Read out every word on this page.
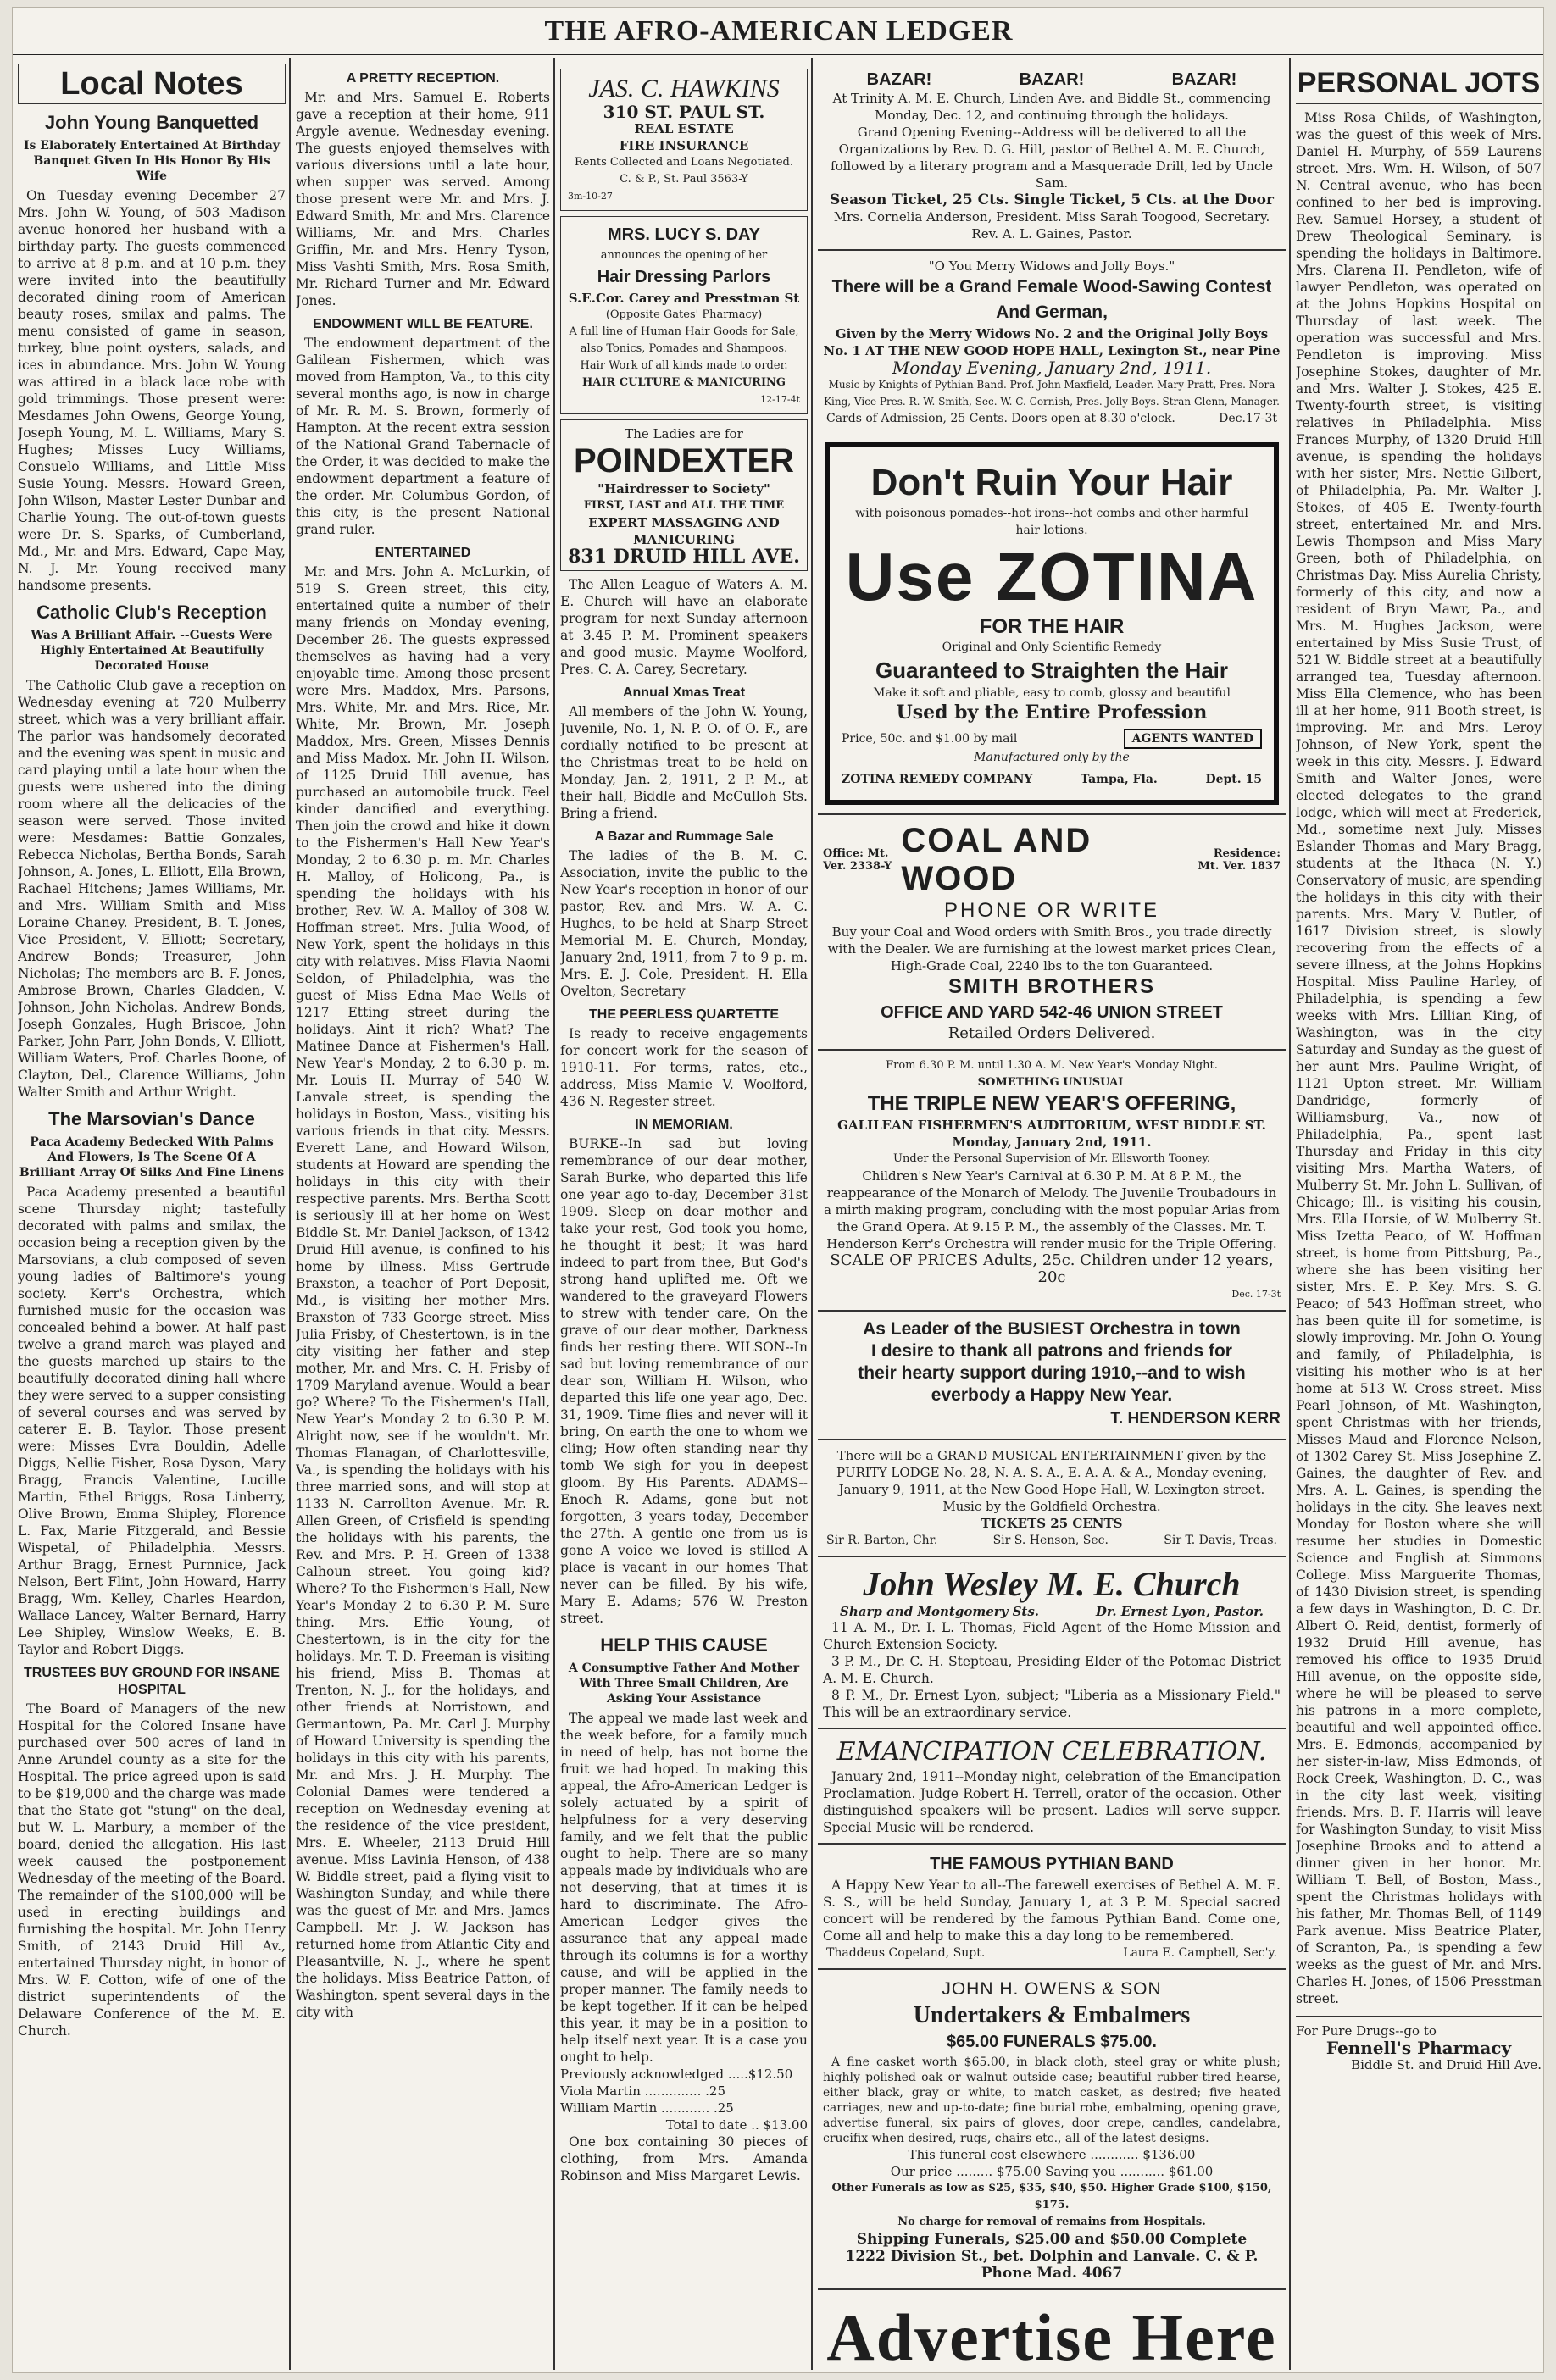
THE AFRO-AMERICAN LEDGER
Local Notes
John Young Banquetted
Is Elaborately Entertained At Birthday Banquet Given In His Honor By His Wife

On Tuesday evening December 27 Mrs. John W. Young, of 503 Madison avenue honored her husband with a birthday party. The guests commenced to arrive at 8 p.m. and at 10 p.m. they were invited into the beautifully decorated dining room of American beauty roses, smilax and palms. The menu consisted of game in season, turkey, blue point oysters, salads, and ices in abundance. Mrs. John W. Young was attired in a black lace robe with gold trimmings. Those present were: Mesdames John Owens, George Young, Joseph Young, M. L. Williams, Mary S. Hughes; Misses Lucy Williams, Consuelo Williams, and Little Miss Susie Young. Messrs. Howard Green, John Wilson, Master Lester Dunbar and Charlie Young. The out-of-town guests were Dr. S. Sparks, of Cumberland, Md., Mr. and Mrs. Edward, Cape May, N. J. Mr. Young received many handsome presents.

Catholic Club's Reception
Was A Brilliant Affair. --Guests Were Highly Entertained At Beautifully Decorated House

The Catholic Club gave a reception on Wednesday evening at 720 Mulberry street, which was a very brilliant affair. The parlor was handsomely decorated and the evening was spent in music and card playing until a late hour when the guests were ushered into the dining room where all the delicacies of the season were served. Those invited were: Mesdames: Battie Gonzales, Rebecca Nicholas, Bertha Bonds, Sarah Johnson, A. Jones, L. Elliott, Ella Brown, Rachael Hitchens; James Williams, Mr. and Mrs. William Smith and Miss Loraine Chaney. President, B. T. Jones, Vice President, V. Elliott; Secretary, Andrew Bonds; Treasurer, John Nicholas; The members are B. F. Jones, Ambrose Brown, Charles Gladden, V. Johnson, John Nicholas, Andrew Bonds, Joseph Gonzales, Hugh Briscoe, John Parker, John Parr, John Bonds, V. Elliott, William Waters, Prof. Charles Boone, of Clayton, Del., Clarence Williams, John Walter Smith and Arthur Wright.

The Marsovian's Dance
Paca Academy Bedecked With Palms And Flowers, Is The Scene Of A Brilliant Array Of Silks And Fine Linens

Paca Academy presented a beautiful scene Thursday night; tastefully decorated with palms and smilax, the occasion being a reception given by the Marsovians, a club composed of seven young ladies of Baltimore's young society. Kerr's Orchestra, which furnished music for the occasion was concealed behind a bower. At half past twelve a grand march was played and the guests marched up stairs to the beautifully decorated dining hall where they were served to a supper consisting of several courses and was served by caterer E. B. Taylor. Those present were: Misses Evra Bouldin, Adelle Diggs, Nellie Fisher, Rosa Dyson, Mary Bragg, Francis Valentine, Lucille Martin, Ethel Briggs, Rosa Linberry, Olive Brown, Emma Shipley, Florence L. Fax, Marie Fitzgerald, and Bessie Wispetal, of Philadelphia. Messrs. Arthur Bragg, Ernest Purnnice, Jack Nelson, Bert Flint, John Howard, Harry Bragg, Wm. Kelley, Charles Heardon, Wallace Lancey, Walter Bernard, Harry Lee Shipley, Winslow Weeks, E. B. Taylor and Robert Diggs.

TRUSTEES BUY GROUND FOR INSANE HOSPITAL

The Board of Managers of the new Hospital for the Colored Insane have purchased over 500 acres of land in Anne Arundel county as a site for the Hospital. The price agreed upon is said to be $19,000 and the charge was made that the State got "stung" on the deal, but W. L. Marbury, a member of the board, denied the allegation. His last week caused the postponement Wednesday of the meeting of the Board. The remainder of the $100,000 will be used in erecting buildings and furnishing the hospital. Mr. John Henry Smith, of 2143 Druid Hill Av., entertained Thursday night, in honor of Mrs. W. F. Cotton, wife of one of the district superintendents of the Delaware Conference of the M. E. Church.

A PRETTY RECEPTION.

Mr. and Mrs. Samuel E. Roberts gave a reception at their home, 911 Argyle avenue, Wednesday evening. The guests enjoyed themselves with various diversions until a late hour, when supper was served. Among those present were Mr. and Mrs. J. Edward Smith, Mr. and Mrs. Clarence Williams, Mr. and Mrs. Charles Griffin, Mr. and Mrs. Henry Tyson, Miss Vashti Smith, Mrs. Rosa Smith, Mr. Richard Turner and Mr. Edward Jones.

ENDOWMENT WILL BE FEATURE.

The endowment department of the Galilean Fishermen, which was moved from Hampton, Va., to this city several months ago, is now in charge of Mr. R. M. S. Brown, formerly of Hampton. At the recent extra session of the National Grand Tabernacle of the Order, it was decided to make the endowment department a feature of the order. Mr. Columbus Gordon, of this city, is the present National grand ruler.

ENTERTAINED

Mr. and Mrs. John A. McLurkin, of 519 S. Green street, this city, entertained quite a number of their many friends on Monday evening, December 26. The guests expressed themselves as having had a very enjoyable time. Among those present were Mrs. Maddox, Mrs. Parsons, Mrs. White, Mr. and Mrs. Rice, Mr. White, Mr. Brown, Mr. Joseph Maddox, Mrs. Green, Misses Dennis and Miss Madox. Mr. John H. Wilson, of 1125 Druid Hill avenue, has purchased an automobile truck. Feel kinder dancified and everything. Then join the crowd and hike it down to the Fishermen's Hall New Year's Monday, 2 to 6.30 p. m. Mr. Charles H. Malloy, of Holicong, Pa., is spending the holidays with his brother, Rev. W. A. Malloy of 308 W. Hoffman street. Mrs. Julia Wood, of New York, spent the holidays in this city with relatives. Miss Flavia Naomi Seldon, of Philadelphia, was the guest of Miss Edna Mae Wells of 1217 Etting street during the holidays. Aint it rich? What? The Matinee Dance at Fishermen's Hall, New Year's Monday, 2 to 6.30 p. m. Mr. Louis H. Murray of 540 W. Lanvale street, is spending the holidays in Boston, Mass., visiting his various friends in that city. Messrs. Everett Lane, and Howard Wilson, students at Howard are spending the holidays in this city with their respective parents. Mrs. Bertha Scott is seriously ill at her home on West Biddle St. Mr. Daniel Jackson, of 1342 Druid Hill avenue, is confined to his home by illness. Miss Gertrude Braxston, a teacher of Port Deposit, Md., is visiting her mother Mrs. Braxston of 733 George street. Miss Julia Frisby, of Chestertown, is in the city visiting her father and step mother, Mr. and Mrs. C. H. Frisby of 1709 Maryland avenue. Would a bear go? Where? To the Fishermen's Hall, New Year's Monday 2 to 6.30 P. M. Alright now, see if he wouldn't. Mr. Thomas Flanagan, of Charlottesville, Va., is spending the holidays with his three married sons, and will stop at 1133 N. Carrollton Avenue. Mr. R. Allen Green, of Crisfield is spending the holidays with his parents, the Rev. and Mrs. P. H. Green of 1338 Calhoun street. You going kid? Where? To the Fishermen's Hall, New Year's Monday 2 to 6.30 P. M. Sure thing. Mrs. Effie Young, of Chestertown, is in the city for the holidays. Mr. T. D. Freeman is visiting his friend, Miss B. Thomas at Trenton, N. J., for the holidays, and other friends at Norristown, and Germantown, Pa. Mr. Carl J. Murphy of Howard University is spending the holidays in this city with his parents, Mr. and Mrs. J. H. Murphy. The Colonial Dames were tendered a reception on Wednesday evening at the residence of the vice president, Mrs. E. Wheeler, 2113 Druid Hill avenue. Miss Lavinia Henson, of 438 W. Biddle street, paid a flying visit to Washington Sunday, and while there was the guest of Mr. and Mrs. James Campbell. Mr. J. W. Jackson has returned home from Atlantic City and Pleasantville, N. J., where he spent the holidays. Miss Beatrice Patton, of Washington, spent several days in the city with

JAS. C. HAWKINS
310 ST. PAUL ST.
REAL ESTATE
FIRE INSURANCE
Rents Collected and Loans Negotiated.
C. & P., St. Paul 3563-Y
3m-10-27
MRS. LUCY S. DAY
announces the opening of her
Hair Dressing Parlors
S.E.Cor. Carey and Presstman St
(Opposite Gates' Pharmacy)
A full line of Human Hair Goods for Sale, also Tonics, Pomades and Shampoos. Hair Work of all kinds made to order.
HAIR CULTURE & MANICURING
12-17-4t
The Ladies are for
POINDEXTER
"Hairdresser to Society"
FIRST, LAST and ALL THE TIME
EXPERT MASSAGING AND MANICURING
831 DRUID HILL AVE.

The Allen League of Waters A. M. E. Church will have an elaborate program for next Sunday afternoon at 3.45 P. M. Prominent speakers and good music. Mayme Woolford, Pres. C. A. Carey, Secretary.

Annual Xmas Treat

All members of the John W. Young, Juvenile, No. 1, N. P. O. of O. F., are cordially notified to be present at the Christmas treat to be held on Monday, Jan. 2, 1911, 2 P. M., at their hall, Biddle and McCulloh Sts. Bring a friend.

A Bazar and Rummage Sale

The ladies of the B. M. C. Association, invite the public to the New Year's reception in honor of our pastor, Rev. and Mrs. W. A. C. Hughes, to be held at Sharp Street Memorial M. E. Church, Monday, January 2nd, 1911, from 7 to 9 p. m. Mrs. E. J. Cole, President. H. Ella Ovelton, Secretary

THE PEERLESS QUARTETTE

Is ready to receive engagements for concert work for the season of 1910-11. For terms, rates, etc., address, Miss Mamie V. Woolford, 436 N. Regester street.

IN MEMORIAM.

BURKE--In sad but loving remembrance of our dear mother, Sarah Burke, who departed this life one year ago to-day, December 31st 1909. Sleep on dear mother and take your rest, God took you home, he thought it best; It was hard indeed to part from thee, But God's strong hand uplifted me. Oft we wandered to the graveyard Flowers to strew with tender care, On the grave of our dear mother, Darkness finds her resting there. WILSON--In sad but loving remembrance of our dear son, William H. Wilson, who departed this life one year ago, Dec. 31, 1909. Time flies and never will it bring, On earth the one to whom we cling; How often standing near thy tomb We sigh for you in deepest gloom. By His Parents. ADAMS--Enoch R. Adams, gone but not forgotten, 3 years today, December the 27th. A gentle one from us is gone A voice we loved is stilled A place is vacant in our homes That never can be filled. By his wife, Mary E. Adams; 576 W. Preston street.

HELP THIS CAUSE
A Consumptive Father And Mother With Three Small Children, Are Asking Your Assistance

The appeal we made last week and the week before, for a family much in need of help, has not borne the fruit we had hoped. In making this appeal, the Afro-American Ledger is solely actuated by a spirit of helpfulness for a very deserving family, and we felt that the public ought to help. There are so many appeals made by individuals who are not deserving, that at times it is hard to discriminate. The Afro-American Ledger gives the assurance that any appeal made through its columns is for a worthy cause, and will be applied in the proper manner. The family needs to be kept together. If it can be helped this year, it may be in a position to help itself next year. It is a case you ought to help.

Previously acknowledged .....$12.50
Viola Martin .............. .25
William Martin ............ .25
Total to date .. $13.00

One box containing 30 pieces of clothing, from Mrs. Amanda Robinson and Miss Margaret Lewis.

BAZAR!	BAZAR!	BAZAR!
At Trinity A. M. E. Church, Linden Ave. and Biddle St., commencing Monday, Dec. 12, and continuing through the holidays.
Grand Opening Evening--Address will be delivered to all the Organizations by Rev. D. G. Hill, pastor of Bethel A. M. E. Church, followed by a literary program and a Masquerade Drill, led by Uncle Sam.
Season Ticket, 25 Cts. Single Ticket, 5 Cts. at the Door
Mrs. Cornelia Anderson, President. Miss Sarah Toogood, Secretary.
Rev. A. L. Gaines, Pastor.
"O You Merry Widows and Jolly Boys."
There will be a Grand Female Wood-Sawing Contest And German,
Given by the Merry Widows No. 2 and the Original Jolly Boys No. 1 AT THE NEW GOOD HOPE HALL, Lexington St., near Pine
Monday Evening, January 2nd, 1911.
Music by Knights of Pythian Band. Prof. John Maxfield, Leader. Mary Pratt, Pres. Nora King, Vice Pres. R. W. Smith, Sec. W. C. Cornish, Pres. Jolly Boys. Stran Glenn, Manager.
Cards of Admission, 25 Cents. Doors open at 8.30 o'clock.	Dec.17-3t
Don't Ruin Your Hair
with poisonous pomades--hot irons--hot combs and other harmful hair lotions.
Use ZOTINA
FOR THE HAIR
Original and Only Scientific Remedy
Guaranteed to Straighten the Hair
Make it soft and pliable, easy to comb, glossy and beautiful
Used by the Entire Profession
Price, 50c. and $1.00 by mail	AGENTS WANTED
Manufactured only by the
ZOTINA REMEDY COMPANY	Tampa, Fla.	Dept. 15
Office: Mt. Ver. 2338-Y
COAL AND WOOD
Residence: Mt. Ver. 1837
PHONE OR WRITE
Buy your Coal and Wood orders with Smith Bros., you trade directly with the Dealer. We are furnishing at the lowest market prices Clean, High-Grade Coal, 2240 lbs to the ton Guaranteed.
SMITH BROTHERS
OFFICE AND YARD 542-46 UNION STREET
Retailed Orders Delivered.
From 6.30 P. M. until 1.30 A. M. New Year's Monday Night.
SOMETHING UNUSUAL
THE TRIPLE NEW YEAR'S OFFERING,
GALILEAN FISHERMEN'S AUDITORIUM, WEST BIDDLE ST. Monday, January 2nd, 1911.
Under the Personal Supervision of Mr. Ellsworth Tooney.
Children's New Year's Carnival at 6.30 P. M. At 8 P. M., the reappearance of the Monarch of Melody. The Juvenile Troubadours in a mirth making program, concluding with the most popular Arias from the Grand Opera. At 9.15 P. M., the assembly of the Classes. Mr. T. Henderson Kerr's Orchestra will render music for the Triple Offering.
SCALE OF PRICES Adults, 25c. Children under 12 years, 20c
Dec. 17-3t
As Leader of the BUSIEST Orchestra in town
I desire to thank all patrons and friends for
their hearty support during 1910,--and to wish
everbody a Happy New Year.
T. HENDERSON KERR
There will be a GRAND MUSICAL ENTERTAINMENT given by the PURITY LODGE No. 28, N. A. S. A., E. A. A. & A., Monday evening, January 9, 1911, at the New Good Hope Hall, W. Lexington street. Music by the Goldfield Orchestra.
TICKETS 25 CENTS
Sir R. Barton, Chr.	Sir S. Henson, Sec.	Sir T. Davis, Treas.
John Wesley M. E. Church
Sharp and Montgomery Sts.	Dr. Ernest Lyon, Pastor.

11 A. M., Dr. I. L. Thomas, Field Agent of the Home Mission and Church Extension Society.

3 P. M., Dr. C. H. Stepteau, Presiding Elder of the Potomac District A. M. E. Church.

8 P. M., Dr. Ernest Lyon, subject; "Liberia as a Missionary Field." This will be an extraordinary service.

EMANCIPATION CELEBRATION.

January 2nd, 1911--Monday night, celebration of the Emancipation Proclamation. Judge Robert H. Terrell, orator of the occasion. Other distinguished speakers will be present. Ladies will serve supper. Special Music will be rendered.

THE FAMOUS PYTHIAN BAND

A Happy New Year to all--The farewell exercises of Bethel A. M. E. S. S., will be held Sunday, January 1, at 3 P. M. Special sacred concert will be rendered by the famous Pythian Band. Come one, Come all and help to make this a day long to be remembered.

Thaddeus Copeland, Supt.	Laura E. Campbell, Sec'y.
JOHN H. OWENS & SON
Undertakers & Embalmers
$65.00 FUNERALS $75.00.

A fine casket worth $65.00, in black cloth, steel gray or white plush; highly polished oak or walnut outside case; beautiful rubber-tired hearse, either black, gray or white, to match casket, as desired; five heated carriages, new and up-to-date; fine burial robe, embalming, opening grave, advertise funeral, six pairs of gloves, door crepe, candles, candelabra, crucifix when desired, rugs, chairs etc., all of the latest designs.

This funeral cost elsewhere ............ $136.00
Our price ......... $75.00 Saving you ........... $61.00
Other Funerals as low as $25, $35, $40, $50. Higher Grade $100, $150, $175.
No charge for removal of remains from Hospitals.
Shipping Funerals, $25.00 and $50.00 Complete
1222 Division St., bet. Dolphin and Lanvale. C. & P. Phone Mad. 4067
Advertise Here
PERSONAL JOTS

Miss Rosa Childs, of Washington, was the guest of this week of Mrs. Daniel H. Murphy, of 559 Laurens street. Mrs. Wm. H. Wilson, of 507 N. Central avenue, who has been confined to her bed is improving. Rev. Samuel Horsey, a student of Drew Theological Seminary, is spending the holidays in Baltimore. Mrs. Clarena H. Pendleton, wife of lawyer Pendleton, was operated on at the Johns Hopkins Hospital on Thursday of last week. The operation was successful and Mrs. Pendleton is improving. Miss Josephine Stokes, daughter of Mr. and Mrs. Walter J. Stokes, 425 E. Twenty-fourth street, is visiting relatives in Philadelphia. Miss Frances Murphy, of 1320 Druid Hill avenue, is spending the holidays with her sister, Mrs. Nettie Gilbert, of Philadelphia, Pa. Mr. Walter J. Stokes, of 405 E. Twenty-fourth street, entertained Mr. and Mrs. Lewis Thompson and Miss Mary Green, both of Philadelphia, on Christmas Day. Miss Aurelia Christy, formerly of this city, and now a resident of Bryn Mawr, Pa., and Mrs. M. Hughes Jackson, were entertained by Miss Susie Trust, of 521 W. Biddle street at a beautifully arranged tea, Tuesday afternoon. Miss Ella Clemence, who has been ill at her home, 911 Booth street, is improving. Mr. and Mrs. Leroy Johnson, of New York, spent the week in this city. Messrs. J. Edward Smith and Walter Jones, were elected delegates to the grand lodge, which will meet at Frederick, Md., sometime next July. Misses Eslander Thomas and Mary Bragg, students at the Ithaca (N. Y.) Conservatory of music, are spending the holidays in this city with their parents. Mrs. Mary V. Butler, of 1617 Division street, is slowly recovering from the effects of a severe illness, at the Johns Hopkins Hospital. Miss Pauline Harley, of Philadelphia, is spending a few weeks with Mrs. Lillian King, of Washington, was in the city Saturday and Sunday as the guest of her aunt Mrs. Pauline Wright, of 1121 Upton street. Mr. William Dandridge, formerly of Williamsburg, Va., now of Philadelphia, Pa., spent last Thursday and Friday in this city visiting Mrs. Martha Waters, of Mulberry St. Mr. John L. Sullivan, of Chicago; Ill., is visiting his cousin, Mrs. Ella Horsie, of W. Mulberry St. Miss Izetta Peaco, of W. Hoffman street, is home from Pittsburg, Pa., where she has been visiting her sister, Mrs. E. P. Key. Mrs. S. G. Peaco; of 543 Hoffman street, who has been quite ill for sometime, is slowly improving. Mr. John O. Young and family, of Philadelphia, is visiting his mother who is at her home at 513 W. Cross street. Miss Pearl Johnson, of Mt. Washington, spent Christmas with her friends, Misses Maud and Florence Nelson, of 1302 Carey St. Miss Josephine Z. Gaines, the daughter of Rev. and Mrs. A. L. Gaines, is spending the holidays in the city. She leaves next Monday for Boston where she will resume her studies in Domestic Science and English at Simmons College. Miss Marguerite Thomas, of 1430 Division street, is spending a few days in Washington, D. C. Dr. Albert O. Reid, dentist, formerly of 1932 Druid Hill avenue, has removed his office to 1935 Druid Hill avenue, on the opposite side, where he will be pleased to serve his patrons in a more complete, beautiful and well appointed office. Mrs. E. Edmonds, accompanied by her sister-in-law, Miss Edmonds, of Rock Creek, Washington, D. C., was in the city last week, visiting friends. Mrs. B. F. Harris will leave for Washington Sunday, to visit Miss Josephine Brooks and to attend a dinner given in her honor. Mr. William T. Bell, of Boston, Mass., spent the Christmas holidays with his father, Mr. Thomas Bell, of 1149 Park avenue. Miss Beatrice Plater, of Scranton, Pa., is spending a few weeks as the guest of Mr. and Mrs. Charles H. Jones, of 1506 Presstman street.

For Pure Drugs--go to
Fennell's Pharmacy
Biddle St. and Druid Hill Ave.
